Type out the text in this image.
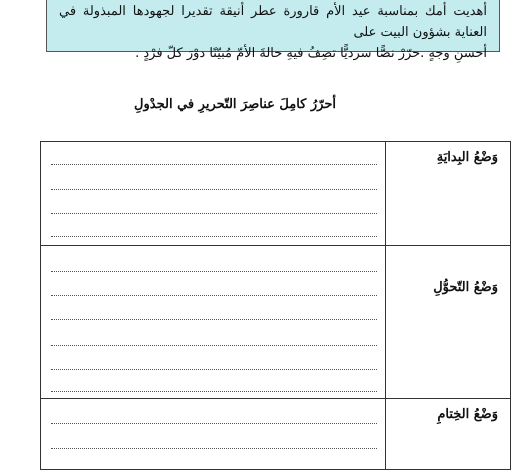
أهديت أمك بمناسبة عيد الأم قارورة عطر أنيقة تقديرا لجهودها المبذولة في العناية بشؤون البيت على

أحسنِ وجهٍ .حرّرْ نصًّا سرديًّا تصِفُ فيهِ حالةَ الأمّ مُبيّنًا دوْرَ كلّ فرْدٍ .

أحرّرُ كامِلَ عناصِرَ التّحريرِ في الجدْولِ
وَضْعُ البِدايَةِ	

وَضْعُ التّحوُّلِ	

وَضْعُ الخِتامِ	
